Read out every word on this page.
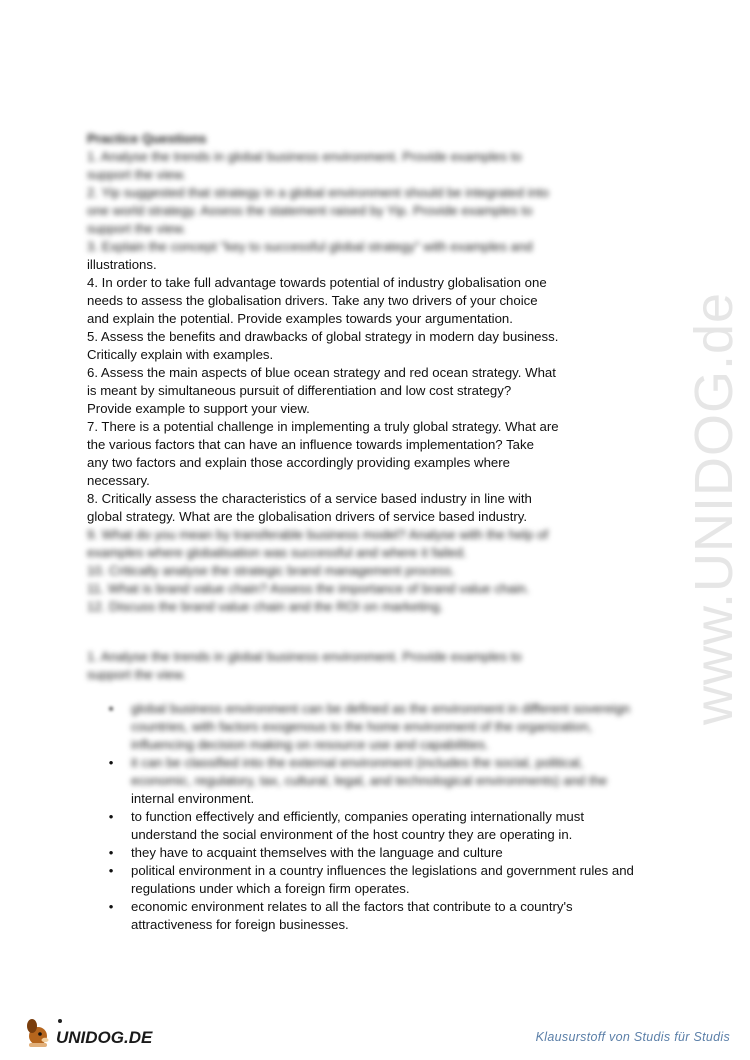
Practice Questions
1. Analyse the trends in global business environment. Provide examples to
support the view.
2. Yip suggested that strategy in a global environment should be integrated into
one world strategy. Assess the statement raised by Yip. Provide examples to
support the view.
3. Explain the concept "key to successful global strategy" with examples and
illustrations.
4. In order to take full advantage towards potential of industry globalisation one
needs to assess the globalisation drivers. Take any two drivers of your choice
and explain the potential. Provide examples towards your argumentation.
5. Assess the benefits and drawbacks of global strategy in modern day business.
Critically explain with examples.
6. Assess the main aspects of blue ocean strategy and red ocean strategy. What
is meant by simultaneous pursuit of differentiation and low cost strategy?
Provide example to support your view.
7. There is a potential challenge in implementing a truly global strategy. What are
the various factors that can have an influence towards implementation? Take
any two factors and explain those accordingly providing examples where
necessary.
8. Critically assess the characteristics of a service based industry in line with
global strategy. What are the globalisation drivers of service based industry.
9. What do you mean by transferable business model? Analyse with the help of
examples where globalisation was successful and where it failed.
10. Critically analyse the strategic brand management process.
11. What is brand value chain? Assess the importance of brand value chain.
12. Discuss the brand value chain and the ROI on marketing.
1. Analyse the trends in global business environment. Provide examples to
support the view.
• global business environment can be defined as the environment in different sovereign
countries, with factors exogenous to the home environment of the organization,
influencing decision making on resource use and capabilities.
• it can be classified into the external environment (includes the social, political,
economic, regulatory, tax, cultural, legal, and technological environments) and the
internal environment.
• to function effectively and efficiently, companies operating internationally must
understand the social environment of the host country they are operating in.
• they have to acquaint themselves with the language and culture
• political environment in a country influences the legislations and government rules and
regulations under which a foreign firm operates.
• economic environment relates to all the factors that contribute to a country's
attractiveness for foreign businesses.
www.UNIDOG.de
UNIDOG.DE	Klausurstoff von Studis für Studis
